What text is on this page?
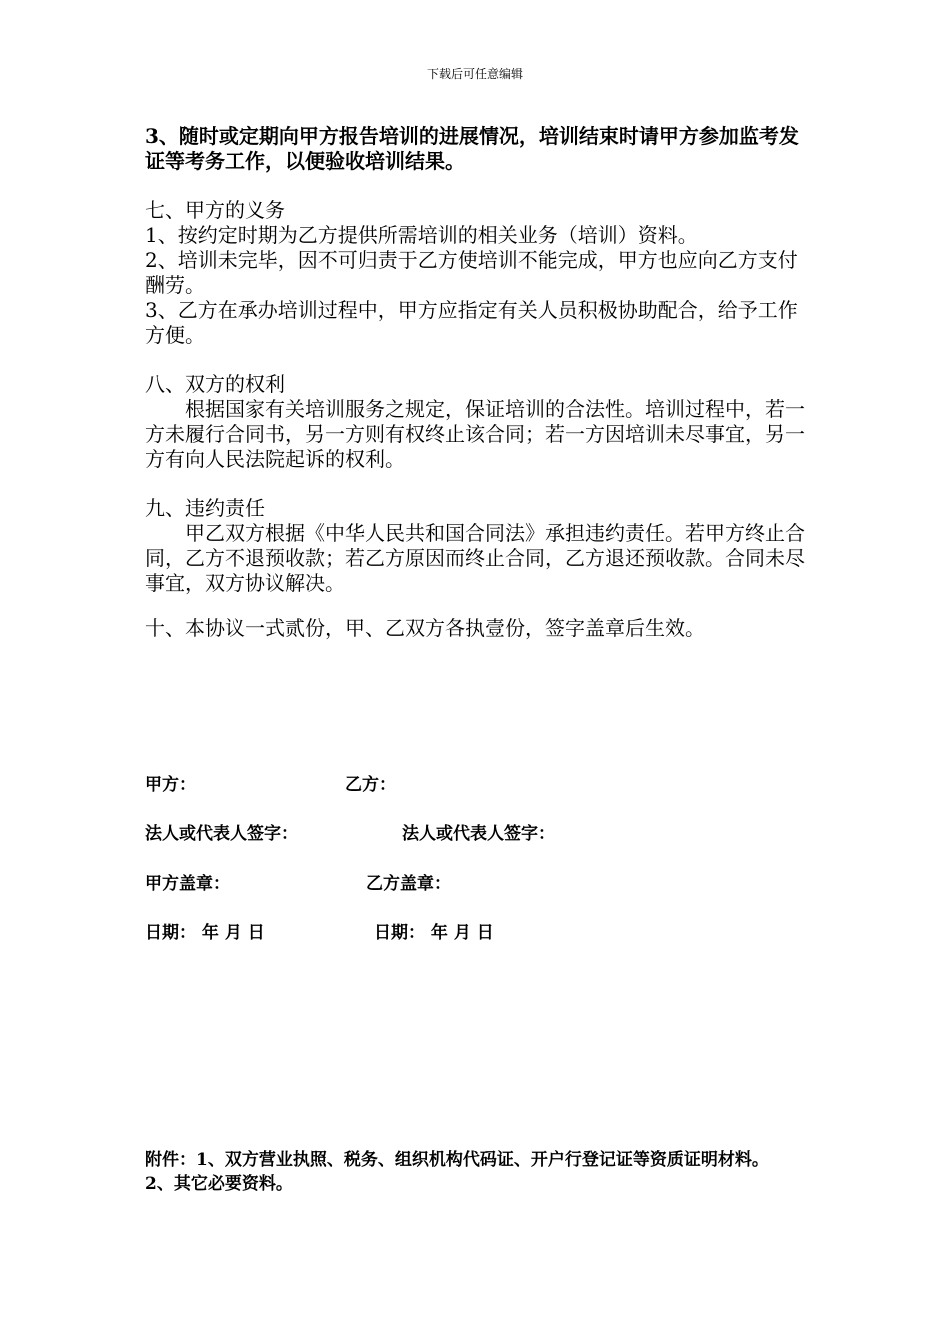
下载后可任意编辑

3、随时或定期向甲方报告培训的进展情况，培训结束时请甲方参加监考发证等考务工作，以便验收培训结果。

七、甲方的义务

1、按约定时期为乙方提供所需培训的相关业务（培训）资料。

2、培训未完毕，因不可归责于乙方使培训不能完成，甲方也应向乙方支付酬劳。

3、乙方在承办培训过程中，甲方应指定有关人员积极协助配合，给予工作方便。

八、双方的权利

根据国家有关培训服务之规定，保证培训的合法性。培训过程中，若一方未履行合同书，另一方则有权终止该合同；若一方因培训未尽事宜，另一方有向人民法院起诉的权利。

九、违约责任

甲乙双方根据《中华人民共和国合同法》承担违约责任。若甲方终止合同，乙方不退预收款；若乙方原因而终止合同，乙方退还预收款。合同未尽事宜，双方协议解决。

十、本协议一式贰份，甲、乙双方各执壹份，签字盖章后生效。

甲方：	乙方：
法人或代表人签字：	法人或代表人签字：
甲方盖章：	乙方盖章：
日期： 年 月 日	日期： 年 月 日

附件：1、双方营业执照、税务、组织机构代码证、开户行登记证等资质证明材料。

2、其它必要资料。
